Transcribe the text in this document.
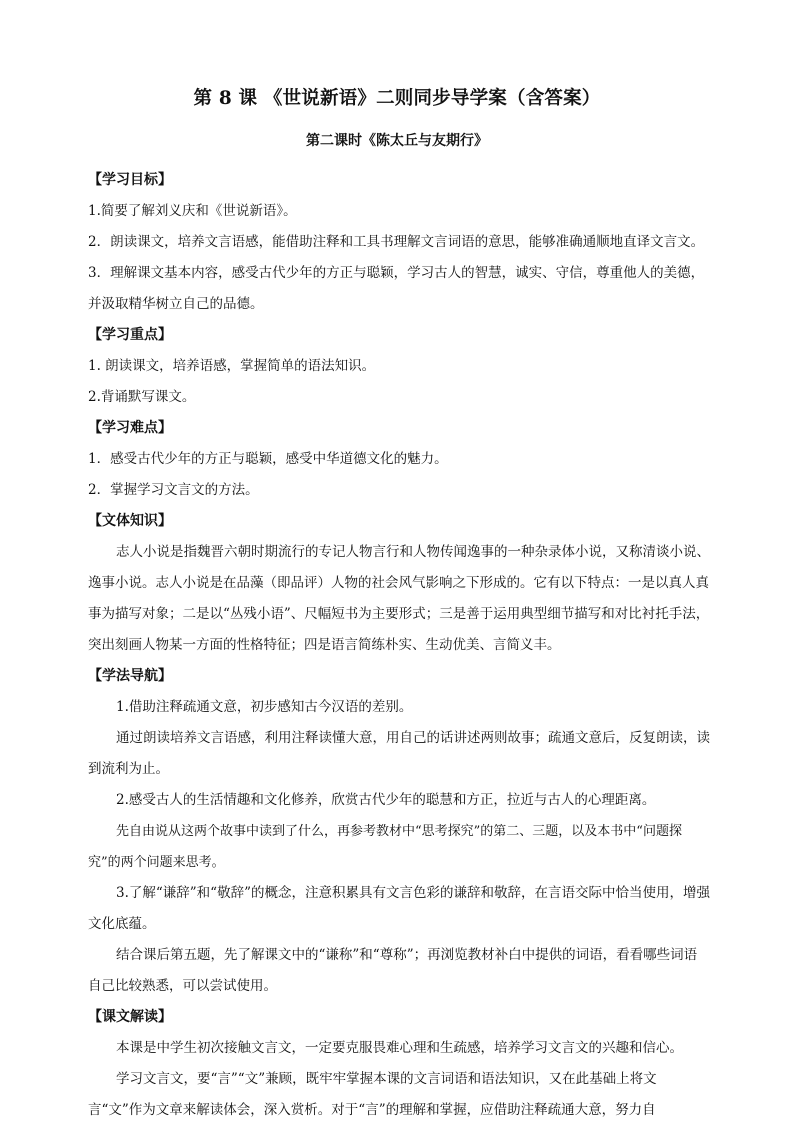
第 8 课 《世说新语》二则同步导学案（含答案）
第二课时《陈太丘与友期行》
【学习目标】
1.简要了解刘义庆和《世说新语》。
2．朗读课文，培养文言语感，能借助注释和工具书理解文言词语的意思，能够准确通顺地直译文言文。
3．理解课文基本内容，感受古代少年的方正与聪颖，学习古人的智慧，诚实、守信，尊重他人的美德，并汲取精华树立自己的品德。
【学习重点】
1. 朗读课文，培养语感，掌握简单的语法知识。
2.背诵默写课文。
【学习难点】
1．感受古代少年的方正与聪颖，感受中华道德文化的魅力。
2．掌握学习文言文的方法。
【文体知识】
志人小说是指魏晋六朝时期流行的专记人物言行和人物传闻逸事的一种杂录体小说，又称清谈小说、逸事小说。志人小说是在品藻（即品评）人物的社会风气影响之下形成的。它有以下特点：一是以真人真事为描写对象；二是以“丛残小语”、尺幅短书为主要形式；三是善于运用典型细节描写和对比衬托手法，突出刻画人物某一方面的性格特征；四是语言简练朴实、生动优美、言简义丰。
【学法导航】
1.借助注释疏通文意，初步感知古今汉语的差别。
通过朗读培养文言语感，利用注释读懂大意，用自己的话讲述两则故事；疏通文意后，反复朗读，读到流利为止。
2.感受古人的生活情趣和文化修养，欣赏古代少年的聪慧和方正，拉近与古人的心理距离。
先自由说从这两个故事中读到了什么，再参考教材中“思考探究”的第二、三题，以及本书中“问题探究”的两个问题来思考。
3.了解“谦辞”和“敬辞”的概念，注意积累具有文言色彩的谦辞和敬辞，在言语交际中恰当使用，增强文化底蕴。
结合课后第五题，先了解课文中的“谦称”和“尊称”；再浏览教材补白中提供的词语，看看哪些词语自己比较熟悉，可以尝试使用。
【课文解读】
本课是中学生初次接触文言文，一定要克服畏难心理和生疏感，培养学习文言文的兴趣和信心。
学习文言文，要“言”“文”兼顾，既牢牢掌握本课的文言词语和语法知识，又在此基础上将文言“文”作为文章来解读体会，深入赏析。对于“言”的理解和掌握，应借助注释疏通大意，努力自
